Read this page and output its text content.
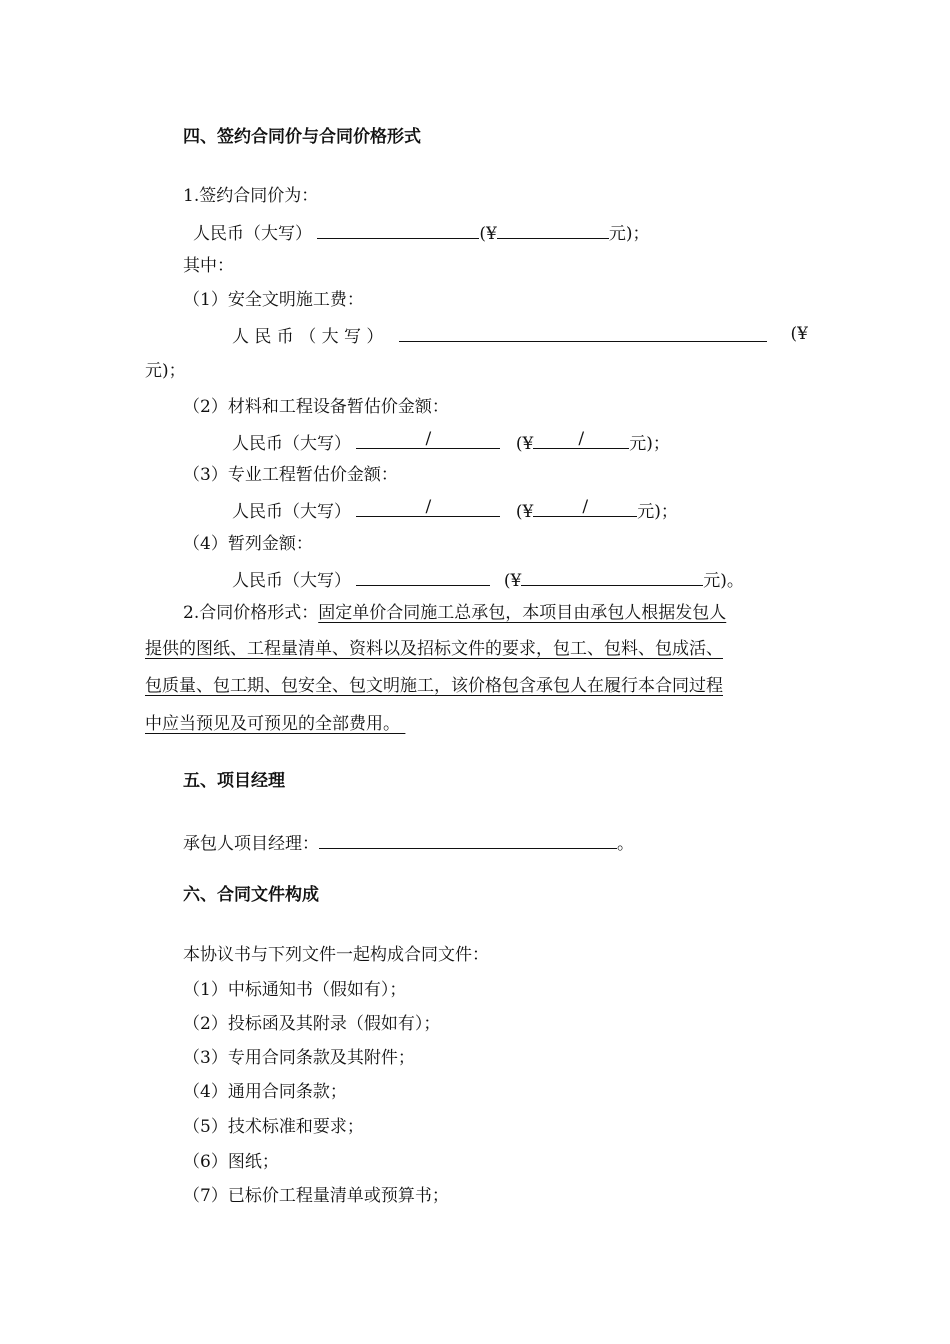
四、签约合同价与合同价格形式
1.签约合同价为：
人民币（大写）	(¥	元)；
其中：
（1）安全文明施工费：
人 民 币 （ 大 写 ）	(¥
元)；
（2）材料和工程设备暂估价金额：
人民币（大写）	/	(¥	/	元)；
（3）专业工程暂估价金额：
人民币（大写）	/	(¥	/	元)；
（4）暂列金额：
人民币（大写）	(¥	元)。
2.合同价格形式：固定单价合同施工总承包，本项目由承包人根据发包人
提供的图纸、工程量清单、资料以及招标文件的要求，包工、包料、包成活、
包质量、包工期、包安全、包文明施工，该价格包含承包人在履行本合同过程
中应当预见及可预见的全部费用。
五、项目经理
承包人项目经理：	。
六、合同文件构成
本协议书与下列文件一起构成合同文件：
（1）中标通知书（假如有）；
（2）投标函及其附录（假如有）；
（3）专用合同条款及其附件；
（4）通用合同条款；
（5）技术标准和要求；
（6）图纸；
（7）已标价工程量清单或预算书；
